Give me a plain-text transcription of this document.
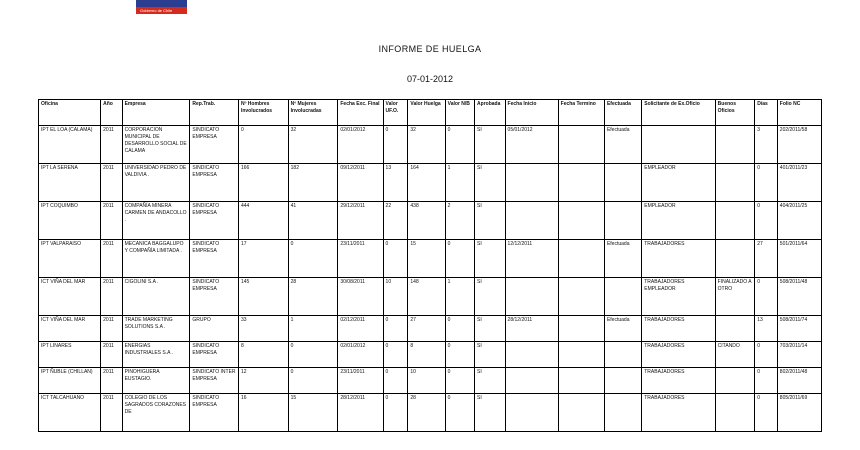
Gobierno de Chile
INFORME DE HUELGA
07-01-2012
Oficina	Año	Empresa	Rep.Trab.	Nº Hombres Involucrados	Nº Mujeres Involucradas	Fecha Exc. Final	Valor UF.O.	Valor Huelga	Valor N/B	Aprobada	Fecha Inicio	Fecha Termino	Efectuada	Solicitante de Ex.Oficio	Buenos Oficios	Días	Folio NC
IPT EL LOA (CALAMA)	2011	CORPORACION MUNICIPAL DE DESARROLLO SOCIAL DE CALAMA	SINDICATO EMPRESA	0	32	02/01/2012	0	32	0	SI	05/01/2012		Efectuada			3	202/2011/58
IPT LA SERENA	2011	UNIVERSIDAD PEDRO DE VALDIVIA .	SINDICATO EMPRESA	166	182	09/12/2011	13	164	1	SI				EMPLEADOR		0	401/2011/23
IPT COQUIMBO	2011	COMPAÑÍA MINERA CARMEN DE ANDACOLLO .	SINDICATO EMPRESA	444	41	29/12/2011	22	438	2	SI				EMPLEADOR		0	404/2011/25
IPT VALPARAISO	2011	MECANICA BAGGALUPO Y COMPAÑÍA LIMITADA .	SINDICATO EMPRESA	17	0	23/11/2011	0	15	0	SI	12/12/2011		Efectuada	TRABAJADORES		27	501/2011/64
ICT VIÑA DEL MAR	2011	CIGOLINI S.A .	SINDICATO EMPRESA	145	28	30/08/2011	10	148	1	SI				TRABAJADORES EMPLEADOR	FINALIZADO A OTRO	0	508/2011/48
ICT VIÑA DEL MAR	2011	TRADE MARKETING SOLUTIONS S.A .	GRUPO	33	1	02/12/2011	0	27	0	SI	28/12/2011		Efectuada	TRABAJADORES		13	508/2011/74
IPT LINARES	2011	ENERGIAS INDUSTRIALES S.A .	SINDICATO EMPRESA	8	0	02/01/2012	0	8	0	SI				TRABAJADORES	CITANDO	0	703/2011/14
IPT ÑUBLE (CHILLAN)	2011	PINOHIGUERA EUSTAGIO.	SINDICATO INTER EMPRESA	12	0	23/11/2011	0	10	0	SI				TRABAJADORES		0	802/2011/48
ICT TALCAHUANO	2011	COLEGIO DE LOS SAGRADOS CORAZONES DE	SINDICATO EMPRESA	16	15	28/12/2011	0	28	0	SI				TRABAJADORES		0	805/2011/69
